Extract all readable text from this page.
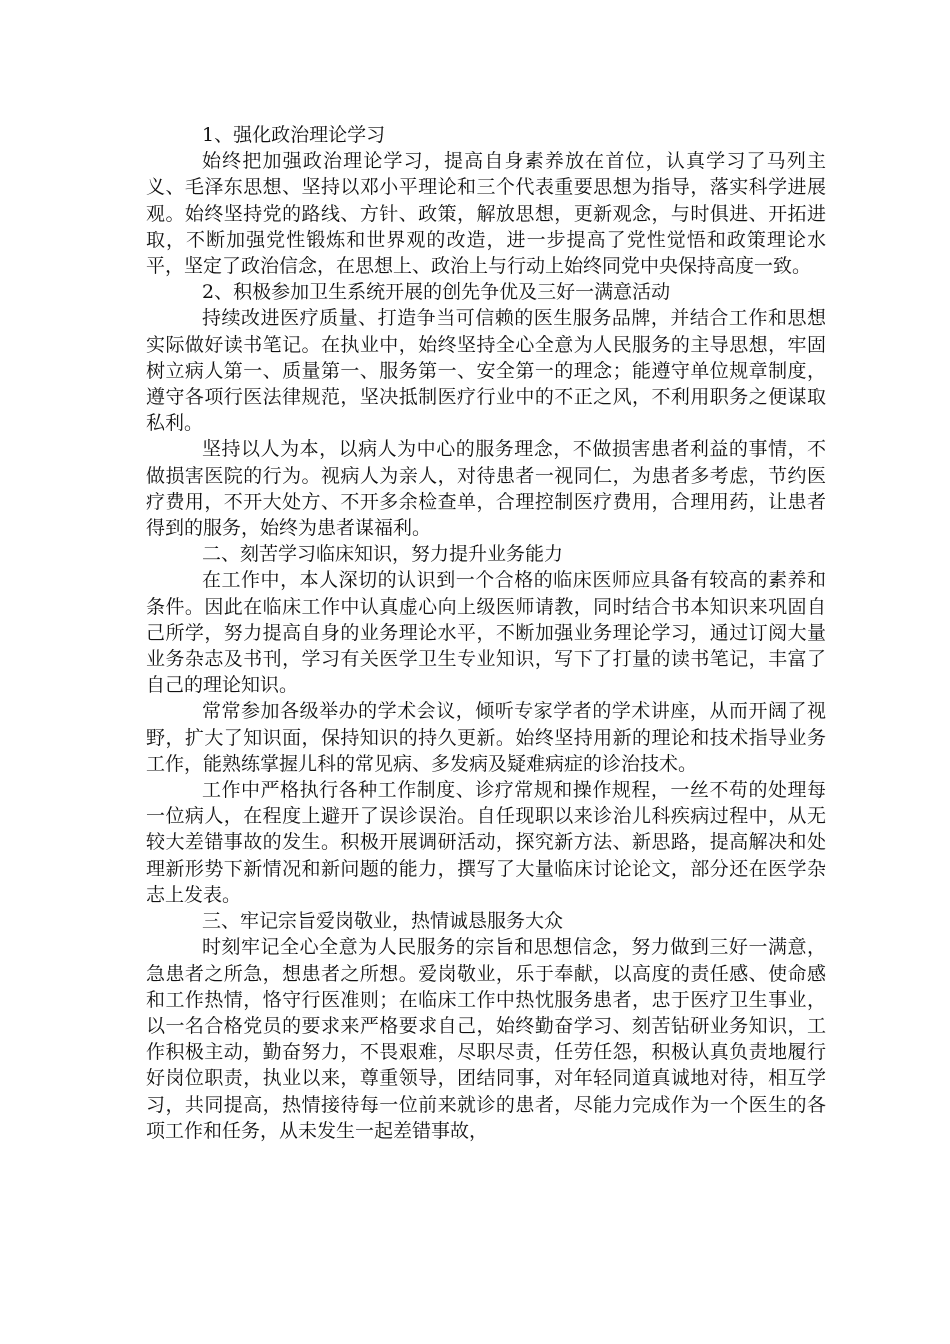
1、强化政治理论学习

始终把加强政治理论学习，提高自身素养放在首位，认真学习了马列主义、毛泽东思想、坚持以邓小平理论和三个代表重要思想为指导，落实科学进展观。始终坚持党的路线、方针、政策，解放思想，更新观念，与时俱进、开拓进取，不断加强党性锻炼和世界观的改造，进一步提高了党性觉悟和政策理论水平，坚定了政治信念，在思想上、政治上与行动上始终同党中央保持高度一致。

2、积极参加卫生系统开展的创先争优及三好一满意活动

持续改进医疗质量、打造争当可信赖的医生服务品牌，并结合工作和思想实际做好读书笔记。在执业中，始终坚持全心全意为人民服务的主导思想，牢固树立病人第一、质量第一、服务第一、安全第一的理念；能遵守单位规章制度，遵守各项行医法律规范，坚决抵制医疗行业中的不正之风，不利用职务之便谋取私利。

坚持以人为本，以病人为中心的服务理念，不做损害患者利益的事情，不做损害医院的行为。视病人为亲人，对待患者一视同仁，为患者多考虑，节约医疗费用，不开大处方、不开多余检查单，合理控制医疗费用，合理用药，让患者得到的服务，始终为患者谋福利。

二、刻苦学习临床知识，努力提升业务能力

在工作中，本人深切的认识到一个合格的临床医师应具备有较高的素养和条件。因此在临床工作中认真虚心向上级医师请教，同时结合书本知识来巩固自己所学，努力提高自身的业务理论水平，不断加强业务理论学习，通过订阅大量业务杂志及书刊，学习有关医学卫生专业知识，写下了打量的读书笔记，丰富了自己的理论知识。

常常参加各级举办的学术会议，倾听专家学者的学术讲座，从而开阔了视野，扩大了知识面，保持知识的持久更新。始终坚持用新的理论和技术指导业务工作，能熟练掌握儿科的常见病、多发病及疑难病症的诊治技术。

工作中严格执行各种工作制度、诊疗常规和操作规程，一丝不苟的处理每一位病人，在程度上避开了误诊误治。自任现职以来诊治儿科疾病过程中，从无较大差错事故的发生。积极开展调研活动，探究新方法、新思路，提高解决和处理新形势下新情况和新问题的能力，撰写了大量临床讨论论文，部分还在医学杂志上发表。

三、牢记宗旨爱岗敬业，热情诚恳服务大众

时刻牢记全心全意为人民服务的宗旨和思想信念，努力做到三好一满意，急患者之所急，想患者之所想。爱岗敬业，乐于奉献，以高度的责任感、使命感和工作热情，恪守行医准则；在临床工作中热忱服务患者，忠于医疗卫生事业，以一名合格党员的要求来严格要求自己，始终勤奋学习、刻苦钻研业务知识，工作积极主动，勤奋努力，不畏艰难，尽职尽责，任劳任怨，积极认真负责地履行好岗位职责，执业以来，尊重领导，团结同事，对年轻同道真诚地对待，相互学习，共同提高，热情接待每一位前来就诊的患者，尽能力完成作为一个医生的各项工作和任务，从未发生一起差错事故，
